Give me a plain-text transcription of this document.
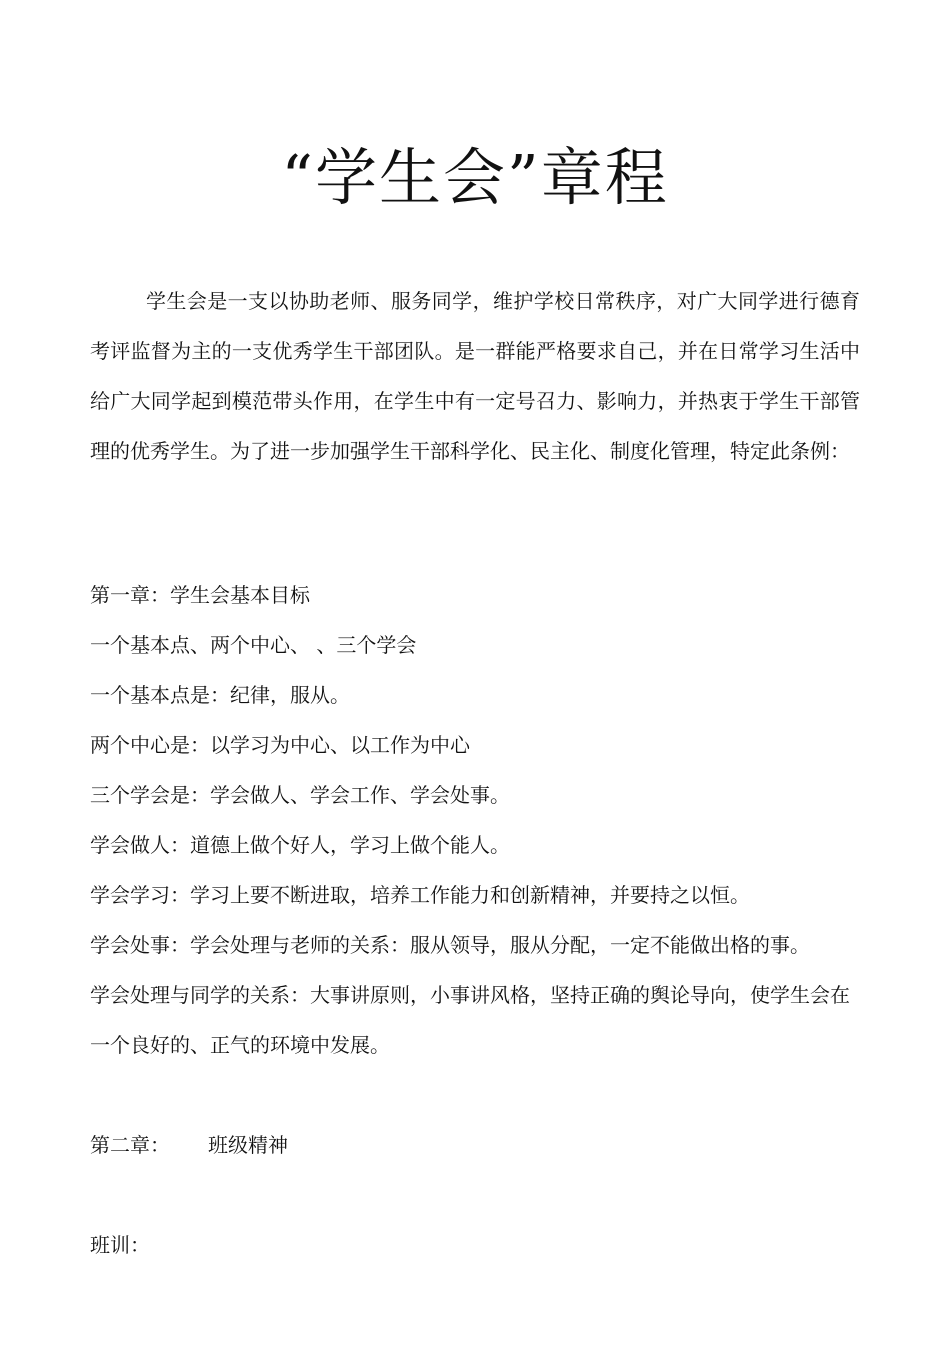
“学生会”章程

学生会是一支以协助老师、服务同学，维护学校日常秩序，对广大同学进行德育考评监督为主的一支优秀学生干部团队。是一群能严格要求自己，并在日常学习生活中给广大同学起到模范带头作用，在学生中有一定号召力、影响力，并热衷于学生干部管理的优秀学生。为了进一步加强学生干部科学化、民主化、制度化管理，特定此条例：

第一章：学生会基本目标

一个基本点、两个中心、 、三个学会

一个基本点是：纪律，服从。

两个中心是：以学习为中心、以工作为中心

三个学会是：学会做人、学会工作、学会处事。

学会做人：道德上做个好人，学习上做个能人。

学会学习：学习上要不断进取，培养工作能力和创新精神，并要持之以恒。

学会处事：学会处理与老师的关系：服从领导，服从分配，一定不能做出格的事。

学会处理与同学的关系：大事讲原则，小事讲风格，坚持正确的舆论导向，使学生会在一个良好的、正气的环境中发展。

第二章： 班级精神

班训：
